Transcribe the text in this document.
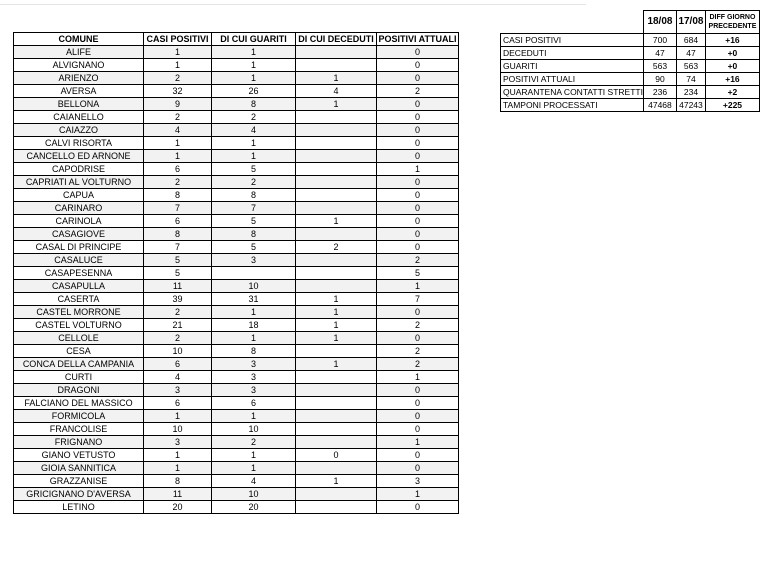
COMUNE	CASI POSITIVI	DI CUI GUARITI	DI CUI DECEDUTI	POSITIVI ATTUALI
ALIFE	1	1		0
ALVIGNANO	1	1		0
ARIENZO	2	1	1	0
AVERSA	32	26	4	2
BELLONA	9	8	1	0
CAIANELLO	2	2		0
CAIAZZO	4	4		0
CALVI RISORTA	1	1		0
CANCELLO ED ARNONE	1	1		0
CAPODRISE	6	5		1
CAPRIATI AL VOLTURNO	2	2		0
CAPUA	8	8		0
CARINARO	7	7		0
CARINOLA	6	5	1	0
CASAGIOVE	8	8		0
CASAL DI PRINCIPE	7	5	2	0
CASALUCE	5	3		2
CASAPESENNA	5			5
CASAPULLA	11	10		1
CASERTA	39	31	1	7
CASTEL MORRONE	2	1	1	0
CASTEL VOLTURNO	21	18	1	2
CELLOLE	2	1	1	0
CESA	10	8		2
CONCA DELLA CAMPANIA	6	3	1	2
CURTI	4	3		1
DRAGONI	3	3		0
FALCIANO DEL MASSICO	6	6		0
FORMICOLA	1	1		0
FRANCOLISE	10	10		0
FRIGNANO	3	2		1
GIANO VETUSTO	1	1	0	0
GIOIA SANNITICA	1	1		0
GRAZZANISE	8	4	1	3
GRICIGNANO D'AVERSA	11	10		1
LETINO	20	20		0
	18/08	17/08	DIFF GIORNO PRECEDENTE
CASI POSITIVI	700	684	+16
DECEDUTI	47	47	+0
GUARITI	563	563	+0
POSITIVI ATTUALI	90	74	+16
QUARANTENA CONTATTI STRETTI	236	234	+2
TAMPONI PROCESSATI	47468	47243	+225
